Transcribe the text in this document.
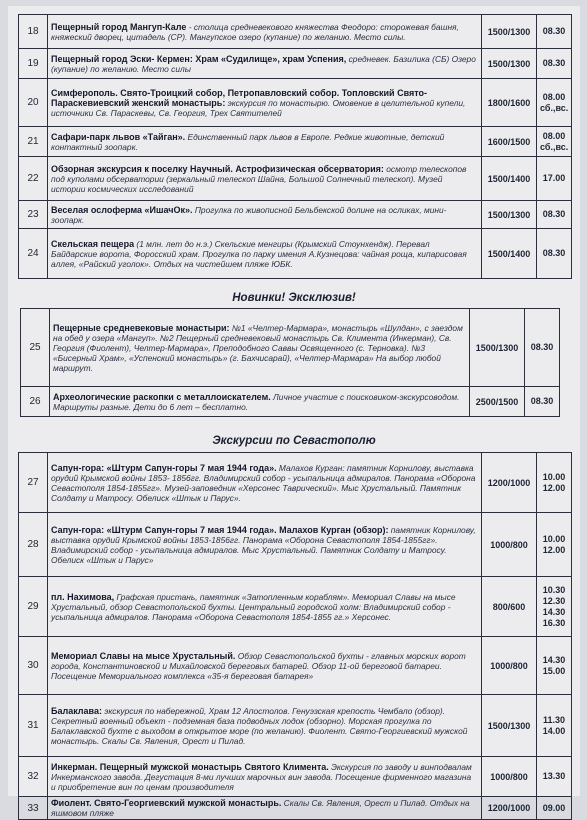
18	Пещерный город Мангуп-Кале - столица средневекового княжества Феодоро: сторожевая башня, княжеский дворец, цитадель (СР). Мангупское озеро (купание) по желанию. Место силы.	1500/1300	08.30
19	Пещерный город Эски- Кермен: Храм «Судилище», храм Успения, средневек. Базилика (СБ) Озеро (купание) по желанию. Место силы	1500/1300	08.30
20	Симферополь. Свято-Троицкий собор, Петропавловский собор. Топловский Свято-Параскевиевский женский монастырь: экскурсия по монастырю. Омовение в целительной купели, источники Св. Параскевы, Св. Георгия, Трех Святителей	1800/1600	08.00 сб.,вс.
21	Сафари-парк львов «Тайган». Единственный парк львов в Европе. Редкие животные, детский контактный зоопарк.	1600/1500	08.00 сб.,вс.
22	Обзорная экскурсия к поселку Научный. Астрофизическая обсерватория: осмотр телескопов под куполами обсерватории (зеркальный телескоп Шайна, Большой Солнечный телескоп). Музей истории космических исследований	1500/1400	17.00
23	Веселая ослоферма «ИшачОк». Прогулка по живописной Бельбекской долине на осликах, мини-зоопарк.	1500/1300	08.30
24	Скельская пещера (1 млн. лет до н.э.) Скельские менгиры (Крымский Стоунхендж). Перевал Байдарские ворота, Форосский храм. Прогулка по парку имения А.Кузнецова: чайная роща, кипарисовая аллея, «Райский уголок». Отдых на чистейшем пляже ЮБК.	1500/1400	08.30
Новинки! Эксклюзив!
25	Пещерные средневековые монастыри: №1 «Челтер-Мармара», монастырь «Шулдан», с заездом на обед у озера «Мангуп». №2 Пещерный средневековый монастырь Св. Климента (Инкерман), Св. Георгия (Фиолент), Челтер-Мармара», Преподобного Саввы Освященного (с. Терновка). №3 «Бисерный Храм», «Успенский монастырь» (г. Бахчисарай), «Челтер-Мармара» На выбор любой маршрут.	1500/1300	08.30
26	Археологические раскопки с металлоискателем. Личное участие с поисковиком-экскурсоводом. Маршруты разные. Дети до 6 лет – бесплатно.	2500/1500	08.30
Экскурсии по Севастополю
27	Сапун-гора: «Штурм Сапун-горы 7 мая 1944 года». Малахов Курган: памятник Корнилову, выставка орудий Крымской войны 1853- 1856гг. Владимирский собор - усыпальница адмиралов. Панорама «Оборона Севастополя 1854-1855гг». Музей-заповедник «Херсонес Таврический». Мыс Хрустальный. Памятник Солдату и Матросу. Обелиск «Штык и Парус».	1200/1000	10.00 12.00
28	Сапун-гора: «Штурм Сапун-горы 7 мая 1944 года». Малахов Курган (обзор): памятник Корнилову, выставка орудий Крымской войны 1853-1856гг. Панорама «Оборона Севастополя 1854-1855гг». Владимирский собор - усыпальница адмиралов. Мыс Хрустальный. Памятник Солдату и Матросу. Обелиск «Штык и Парус»	1000/800	10.00 12.00
29	пл. Нахимова, Графская пристань, памятник «Затопленным кораблям». Мемориал Славы на мысе Хрустальный, обзор Севастопольской бухты. Центральный городской холм: Владимирский собор - усыпальница адмиралов. Панорама «Оборона Севастополя 1854-1855 гг.» Херсонес.	800/600	10.30 12.30 14.30 16.30
30	Мемориал Славы на мысе Хрустальный. Обзор Севастопольской бухты - главных морских ворот города, Константиновской и Михайловской береговых батарей. Обзор 11-ой береговой батареи. Посещение Мемориального комплекса «35-я береговая батарея»	1000/800	14.30 15.00
31	Балаклава: экскурсия по набережной, Храм 12 Апостолов. Генуэзская крепость Чембало (обзор). Секретный военный объект - подземная база подводных лодок (обзорно). Морская прогулка по Балаклавской бухте с выходом в открытое море (по желанию). Фиолент. Свято-Георгиевский мужской монастырь. Скалы Св. Явления, Орест и Пилад.	1500/1300	11.30 14.00
32	Инкерман. Пещерный мужской монастырь Святого Климента. Экскурсия по заводу и винподвалам Инкерманского завода. Дегустация 8-ми лучших марочных вин завода. Посещение фирменного магазина и приобретение вин по ценам производителя	1000/800	13.30
33	Фиолент. Свято-Георгиевский мужской монастырь. Скалы Св. Явления, Орест и Пилад. Отдых на яшмовом пляже	1200/1000	09.00
